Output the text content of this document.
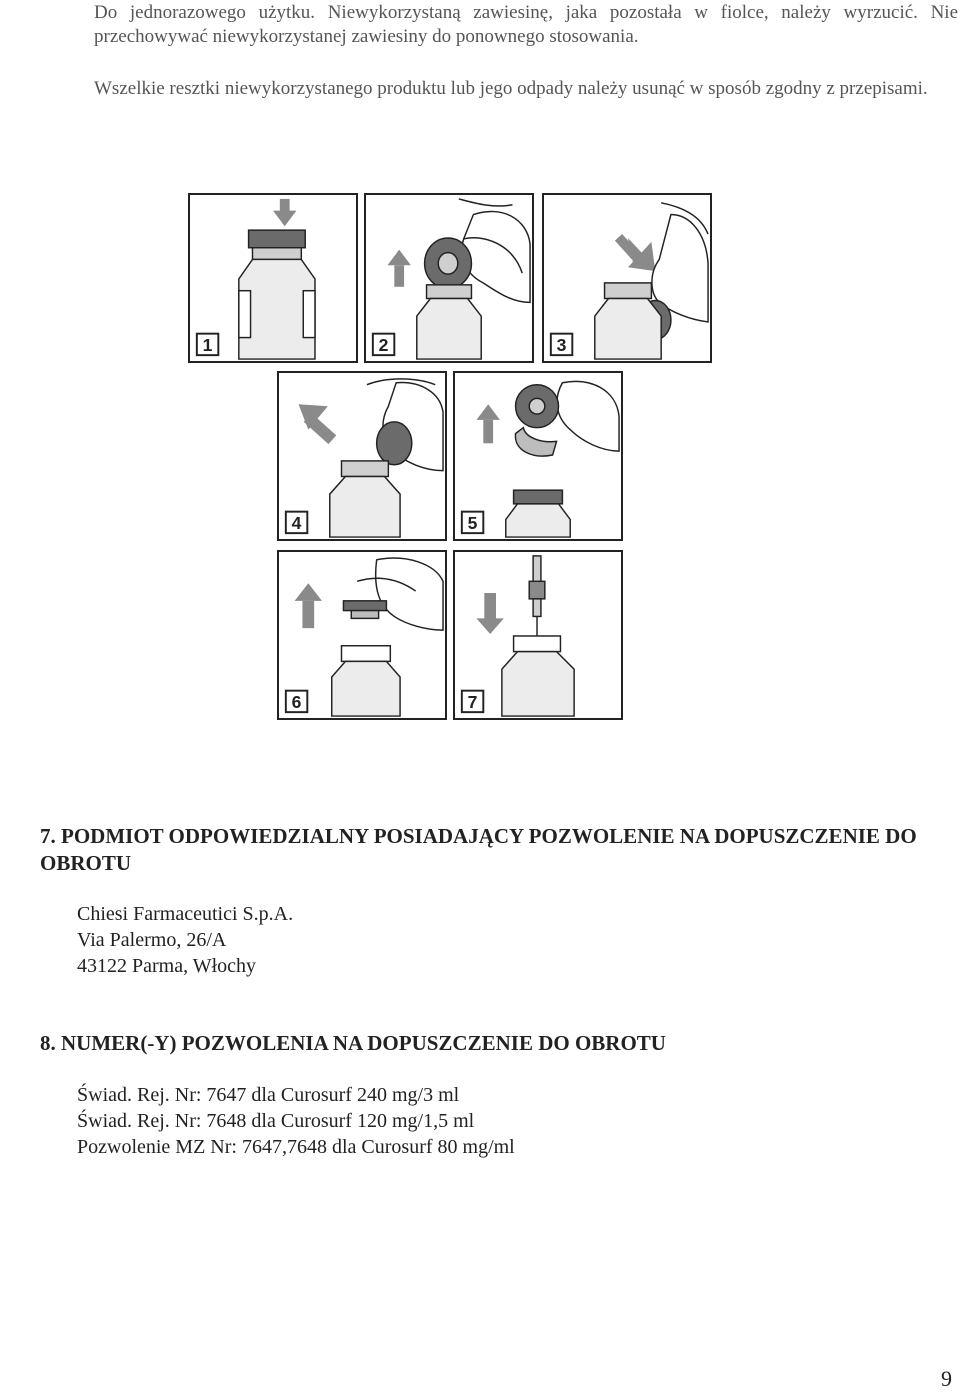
Do jednorazowego użytku. Niewykorzystaną zawiesinę, jaka pozostała w fiolce, należy wyrzucić. Nie przechowywać niewykorzystanej zawiesiny do ponownego stosowania.

Wszelkie resztki niewykorzystanego produktu lub jego odpady należy usunąć w sposób zgodny z przepisami.

1	2	3
4	5
6	7
7. PODMIOT ODPOWIEDZIALNY POSIADAJĄCY POZWOLENIE NA DOPUSZCZENIE DO OBROTU
Chiesi Farmaceutici S.p.A.
Via Palermo, 26/A
43122 Parma, Włochy
8. NUMER(-Y) POZWOLENIA NA DOPUSZCZENIE DO OBROTU
Świad. Rej. Nr: 7647 dla Curosurf 240 mg/3 ml
Świad. Rej. Nr: 7648 dla Curosurf 120 mg/1,5 ml
Pozwolenie MZ Nr: 7647,7648 dla Curosurf 80 mg/ml
9
